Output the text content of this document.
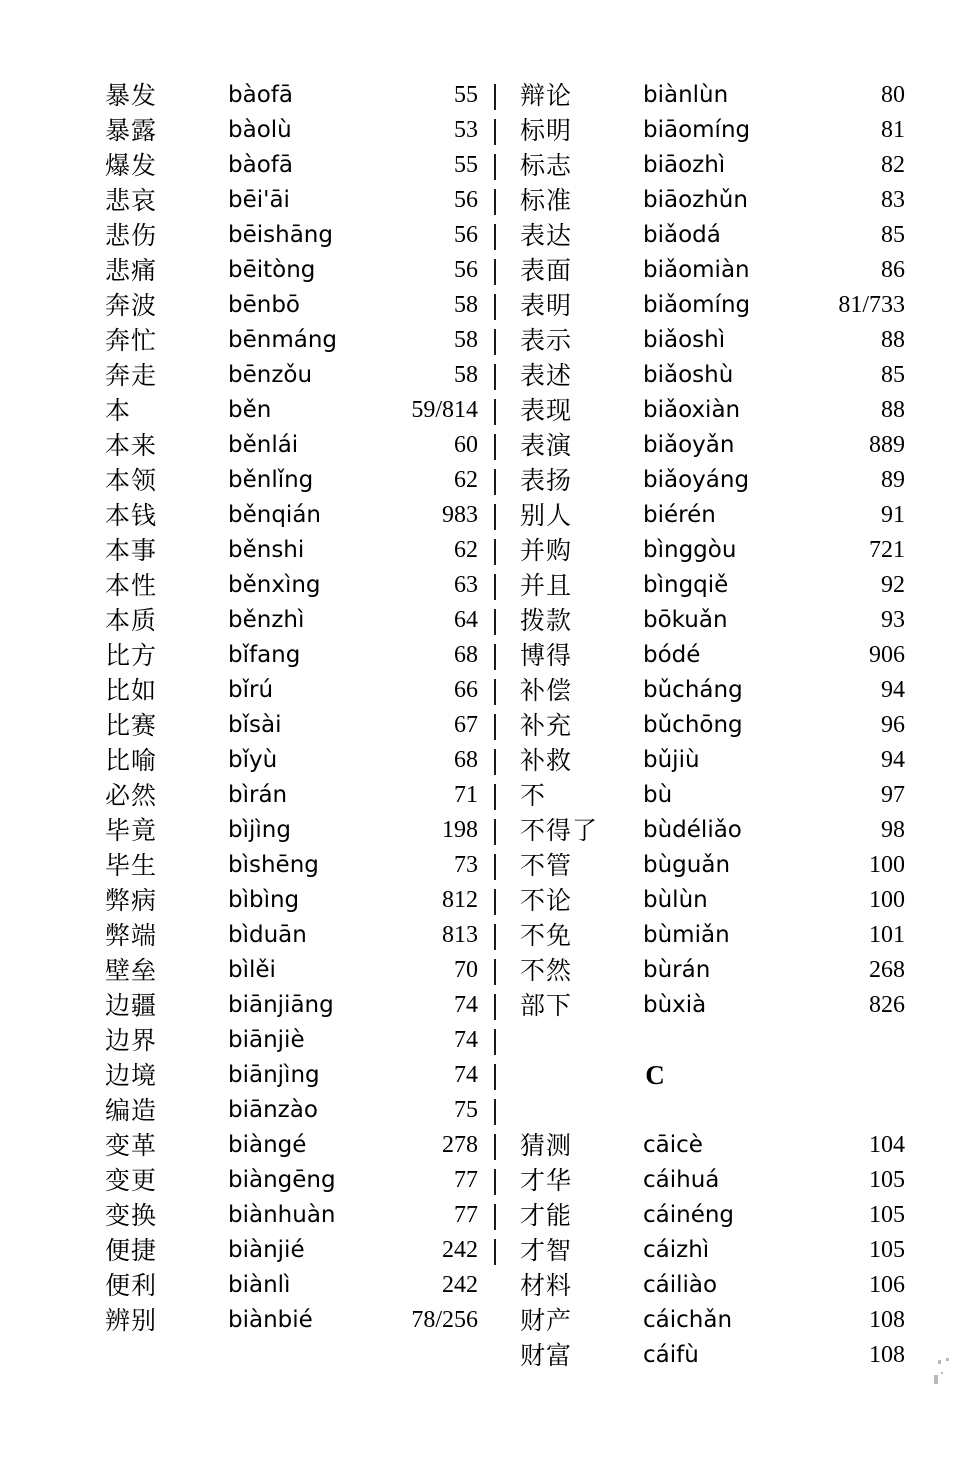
暴发	bàofā	55
暴露	bàolù	53
爆发	bàofā	55
悲哀	bēi'āi	56
悲伤	bēishāng	56
悲痛	bēitòng	56
奔波	bēnbō	58
奔忙	bēnmáng	58
奔走	bēnzǒu	58
本	běn	59/814
本来	běnlái	60
本领	běnlǐng	62
本钱	běnqián	983
本事	běnshi	62
本性	běnxìng	63
本质	běnzhì	64
比方	bǐfang	68
比如	bǐrú	66
比赛	bǐsài	67
比喻	bǐyù	68
必然	bìrán	71
毕竟	bìjìng	198
毕生	bìshēng	73
弊病	bìbìng	812
弊端	bìduān	813
壁垒	bìlěi	70
边疆	biānjiāng	74
边界	biānjiè	74
边境	biānjìng	74
编造	biānzào	75
变革	biàngé	278
变更	biàngēng	77
变换	biànhuàn	77
便捷	biànjié	242
便利	biànlì	242
辨别	biànbié	78/256
辩论	biànlùn	80
标明	biāomíng	81
标志	biāozhì	82
标准	biāozhǔn	83
表达	biǎodá	85
表面	biǎomiàn	86
表明	biǎomíng	81/733
表示	biǎoshì	88
表述	biǎoshù	85
表现	biǎoxiàn	88
表演	biǎoyǎn	889
表扬	biǎoyáng	89
别人	biérén	91
并购	bìnggòu	721
并且	bìngqiě	92
拨款	bōkuǎn	93
博得	bódé	906
补偿	bǔcháng	94
补充	bǔchōng	96
补救	bǔjiù	94
不	bù	97
不得了 bùdéliǎo	98
不管	bùguǎn	100
不论	bùlùn	100
不免	bùmiǎn	101
不然	bùrán	268
部下	bùxià	826
C
猜测	cāicè	104
才华	cáihuá	105
才能	cáinéng	105
才智	cáizhì	105
材料	cáiliào	106
财产	cáichǎn	108
财富	cáifù	108
